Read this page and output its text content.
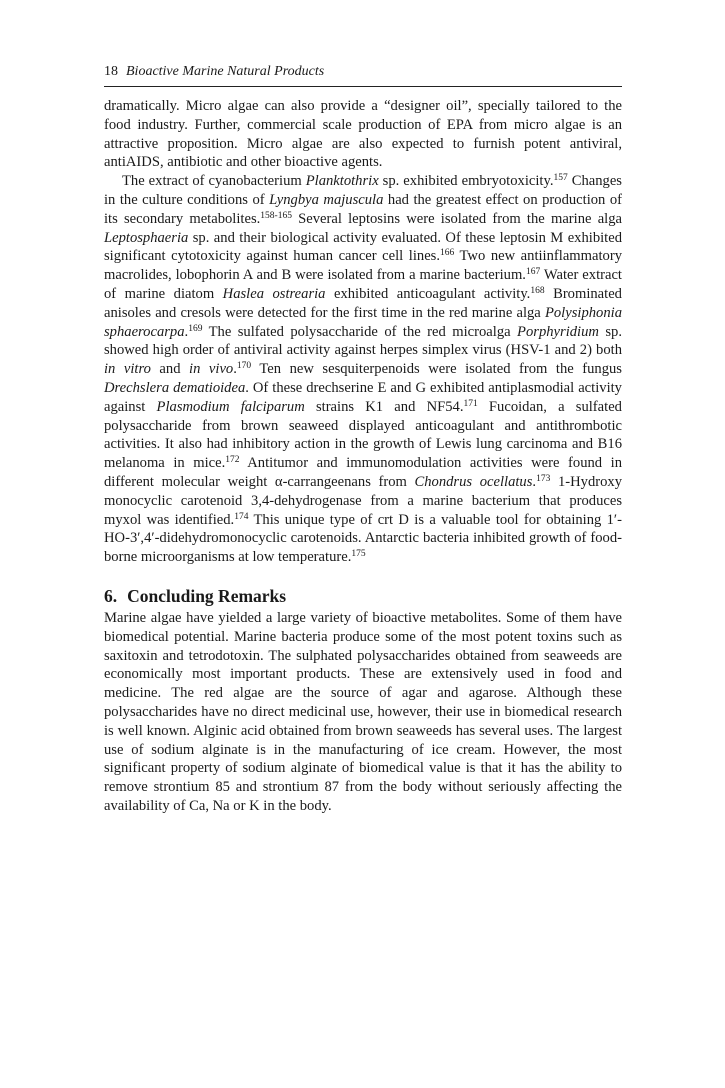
18 Bioactive Marine Natural Products

dramatically. Micro algae can also provide a “designer oil”, specially tailored to the food industry. Further, commercial scale production of EPA from micro algae is an attractive proposition. Micro algae are also expected to furnish potent antiviral, antiAIDS, antibiotic and other bioactive agents.

The extract of cyanobacterium Planktothrix sp. exhibited embryotoxicity.$^{157}$ Changes in the culture conditions of Lyngbya majuscula had the greatest effect on production of its secondary metabolites.$^{158-165}$ Several leptosins were isolated from the marine alga Leptosphaeria sp. and their biological activity evaluated. Of these leptosin M exhibited significant cytotoxicity against human cancer cell lines.$^{166}$ Two new antiinflammatory macrolides, lobophorin A and B were isolated from a marine bacterium.$^{167}$ Water extract of marine diatom Haslea ostrearia exhibited anticoagulant activity.$^{168}$ Brominated anisoles and cresols were detected for the first time in the red marine alga Polysiphonia sphaerocarpa.$^{169}$ The sulfated polysaccharide of the red microalga Porphyridium sp. showed high order of antiviral activity against herpes simplex virus (HSV-1 and 2) both in vitro and in vivo.$^{170}$ Ten new sesquiterpenoids were isolated from the fungus Drechslera dematioidea. Of these drechserine E and G exhibited antiplasmodial activity against Plasmodium falciparum strains K1 and NF54.$^{171}$ Fucoidan, a sulfated polysaccharide from brown seaweed displayed anticoagulant and antithrombotic activities. It also had inhibitory action in the growth of Lewis lung carcinoma and B16 melanoma in mice.$^{172}$ Antitumor and immunomodulation activities were found in different molecular weight α-carrangeenans from Chondrus ocellatus.$^{173}$ 1-Hydroxy monocyclic carotenoid 3,4-dehydrogenase from a marine bacterium that produces myxol was identified.$^{174}$ This unique type of crt D is a valuable tool for obtaining 1′-HO-3′,4′-didehydromonocyclic carotenoids. Antarctic bacteria inhibited growth of food-borne microorganisms at low temperature.$^{175}$

6. Concluding Remarks

Marine algae have yielded a large variety of bioactive metabolites. Some of them have biomedical potential. Marine bacteria produce some of the most potent toxins such as saxitoxin and tetrodotoxin. The sulphated polysaccharides obtained from seaweeds are economically most important products. These are extensively used in food and medicine. The red algae are the source of agar and agarose. Although these polysaccharides have no direct medicinal use, however, their use in biomedical research is well known. Alginic acid obtained from brown seaweeds has several uses. The largest use of sodium alginate is in the manufacturing of ice cream. However, the most significant property of sodium alginate of biomedical value is that it has the ability to remove strontium 85 and strontium 87 from the body without seriously affecting the availability of Ca, Na or K in the body.
